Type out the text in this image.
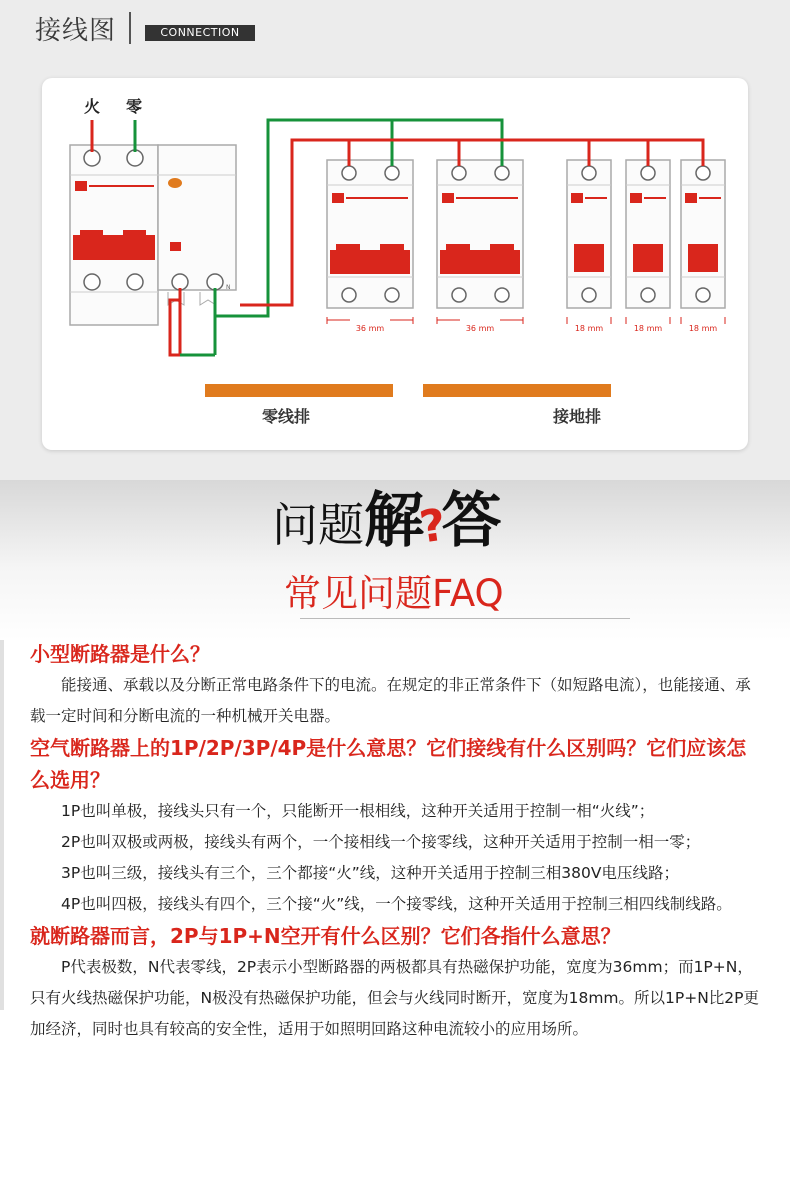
接线图	CONNECTION
N
火 零
36 mm	36 mm	18 mm	18 mm	18 mm
零线排	接地排
问题解?答
常见问题FAQ
小型断路器是什么？
能接通、承载以及分断正常电路条件下的电流。在规定的非正常条件下（如短路电流），也能接通、承载一定时间和分断电流的一种机械开关电器。
空气断路器上的1P/2P/3P/4P是什么意思？它们接线有什么区别吗？它们应该怎么选用？
1P也叫单极，接线头只有一个，只能断开一根相线，这种开关适用于控制一相“火线”；
2P也叫双极或两极，接线头有两个，一个接相线一个接零线，这种开关适用于控制一相一零；
3P也叫三级，接线头有三个，三个都接“火”线，这种开关适用于控制三相380V电压线路；
4P也叫四极，接线头有四个，三个接“火”线，一个接零线，这种开关适用于控制三相四线制线路。
就断路器而言，2P与1P+N空开有什么区别？它们各指什么意思？
P代表极数，N代表零线，2P表示小型断路器的两极都具有热磁保护功能，宽度为36mm；而1P+N，只有火线热磁保护功能，N极没有热磁保护功能，但会与火线同时断开，宽度为18mm。所以1P+N比2P更加经济，同时也具有较高的安全性，适用于如照明回路这种电流较小的应用场所。
